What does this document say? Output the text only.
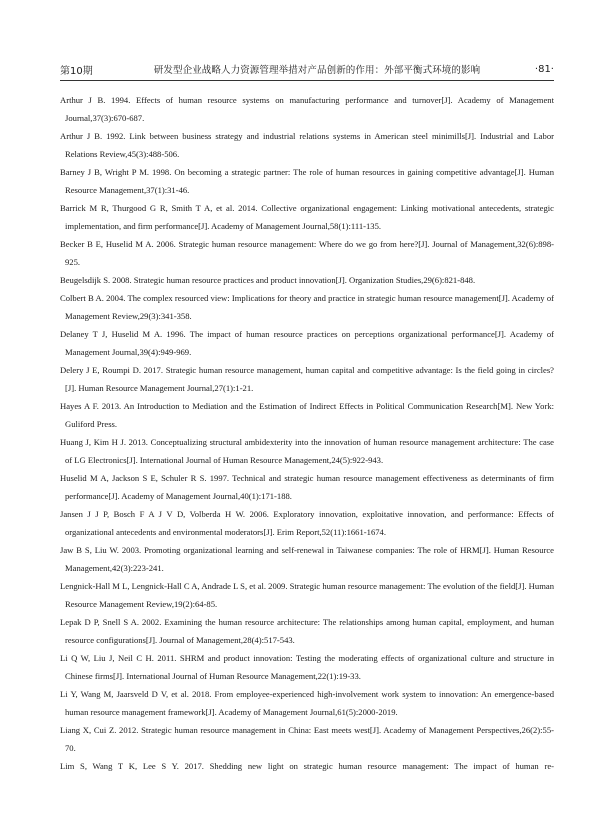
第10期	研发型企业战略人力资源管理举措对产品创新的作用：外部平衡式环境的影响	·81·

Arthur J B. 1994. Effects of human resource systems on manufacturing performance and turnover[J]. Academy of Management Journal,37(3):670-687.

Arthur J B. 1992. Link between business strategy and industrial relations systems in American steel minimills[J]. Industrial and Labor Relations Review,45(3):488-506.

Barney J B, Wright P M. 1998. On becoming a strategic partner: The role of human resources in gaining competitive advantage[J]. Human Resource Management,37(1):31-46.

Barrick M R, Thurgood G R, Smith T A, et al. 2014. Collective organizational engagement: Linking motivational antecedents, strategic implementation, and firm performance[J]. Academy of Management Journal,58(1):111-135.

Becker B E, Huselid M A. 2006. Strategic human resource management: Where do we go from here?[J]. Journal of Management,32(6):898-925.

Beugelsdijk S. 2008. Strategic human resource practices and product innovation[J]. Organization Studies,29(6):821-848.

Colbert B A. 2004. The complex resourced view: Implications for theory and practice in strategic human resource management[J]. Academy of Management Review,29(3):341-358.

Delaney T J, Huselid M A. 1996. The impact of human resource practices on perceptions organizational performance[J]. Academy of Management Journal,39(4):949-969.

Delery J E, Roumpi D. 2017. Strategic human resource management, human capital and competitive advantage: Is the field going in circles?[J]. Human Resource Management Journal,27(1):1-21.

Hayes A F. 2013. An Introduction to Mediation and the Estimation of Indirect Effects in Political Communication Research[M]. New York: Guliford Press.

Huang J, Kim H J. 2013. Conceptualizing structural ambidexterity into the innovation of human resource management architecture: The case of LG Electronics[J]. International Journal of Human Resource Management,24(5):922-943.

Huselid M A, Jackson S E, Schuler R S. 1997. Technical and strategic human resource management effectiveness as determinants of firm performance[J]. Academy of Management Journal,40(1):171-188.

Jansen J J P, Bosch F A J V D, Volberda H W. 2006. Exploratory innovation, exploitative innovation, and performance: Effects of organizational antecedents and environmental moderators[J]. Erim Report,52(11):1661-1674.

Jaw B S, Liu W. 2003. Promoting organizational learning and self-renewal in Taiwanese companies: The role of HRM[J]. Human Resource Management,42(3):223-241.

Lengnick-Hall M L, Lengnick-Hall C A, Andrade L S, et al. 2009. Strategic human resource management: The evolution of the field[J]. Human Resource Management Review,19(2):64-85.

Lepak D P, Snell S A. 2002. Examining the human resource architecture: The relationships among human capital, employment, and human resource configurations[J]. Journal of Management,28(4):517-543.

Li Q W, Liu J, Neil C H. 2011. SHRM and product innovation: Testing the moderating effects of organizational culture and structure in Chinese firms[J]. International Journal of Human Resource Management,22(1):19-33.

Li Y, Wang M, Jaarsveld D V, et al. 2018. From employee-experienced high-involvement work system to innovation: An emergence-based human resource management framework[J]. Academy of Management Journal,61(5):2000-2019.

Liang X, Cui Z. 2012. Strategic human resource management in China: East meets west[J]. Academy of Management Perspectives,26(2):55-70.

Lim S, Wang T K, Lee S Y. 2017. Shedding new light on strategic human resource management: The impact of human re-
